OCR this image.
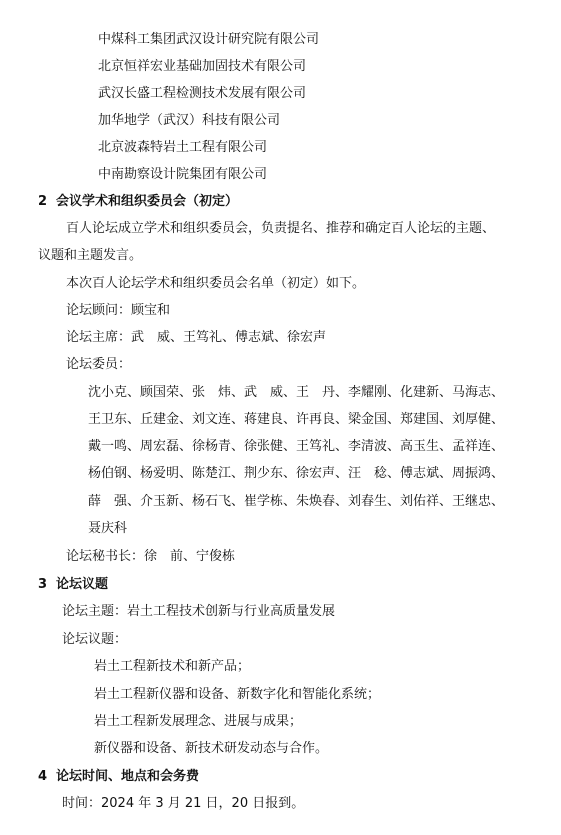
中煤科工集团武汉设计研究院有限公司
北京恒祥宏业基础加固技术有限公司
武汉长盛工程检测技术发展有限公司
加华地学（武汉）科技有限公司
北京波森特岩土工程有限公司
中南勘察设计院集团有限公司
2 会议学术和组织委员会（初定）
百人论坛成立学术和组织委员会，负责提名、推荐和确定百人论坛的主题、
议题和主题发言。
本次百人论坛学术和组织委员会名单（初定）如下。
论坛顾问：顾宝和
论坛主席：武　威、王笃礼、傅志斌、徐宏声
论坛委员：
沈小克、顾国荣、张　炜、武　威、王　丹、李耀刚、化建新、马海志、
王卫东、丘建金、刘文连、蒋建良、许再良、梁金国、郑建国、刘厚健、
戴一鸣、周宏磊、徐杨青、徐张健、王笃礼、李清波、高玉生、孟祥连、
杨伯钢、杨爱明、陈楚江、荆少东、徐宏声、汪　稔、傅志斌、周振鸿、
薛　强、介玉新、杨石飞、崔学栋、朱焕春、刘春生、刘佑祥、王继忠、
聂庆科
论坛秘书长：徐　前、宁俊栋
3 论坛议题
论坛主题：岩土工程技术创新与行业高质量发展
论坛议题：
岩土工程新技术和新产品；
岩土工程新仪器和设备、新数字化和智能化系统；
岩土工程新发展理念、进展与成果；
新仪器和设备、新技术研发动态与合作。
4 论坛时间、地点和会务费
时间：2024 年 3 月 21 日，20 日报到。
